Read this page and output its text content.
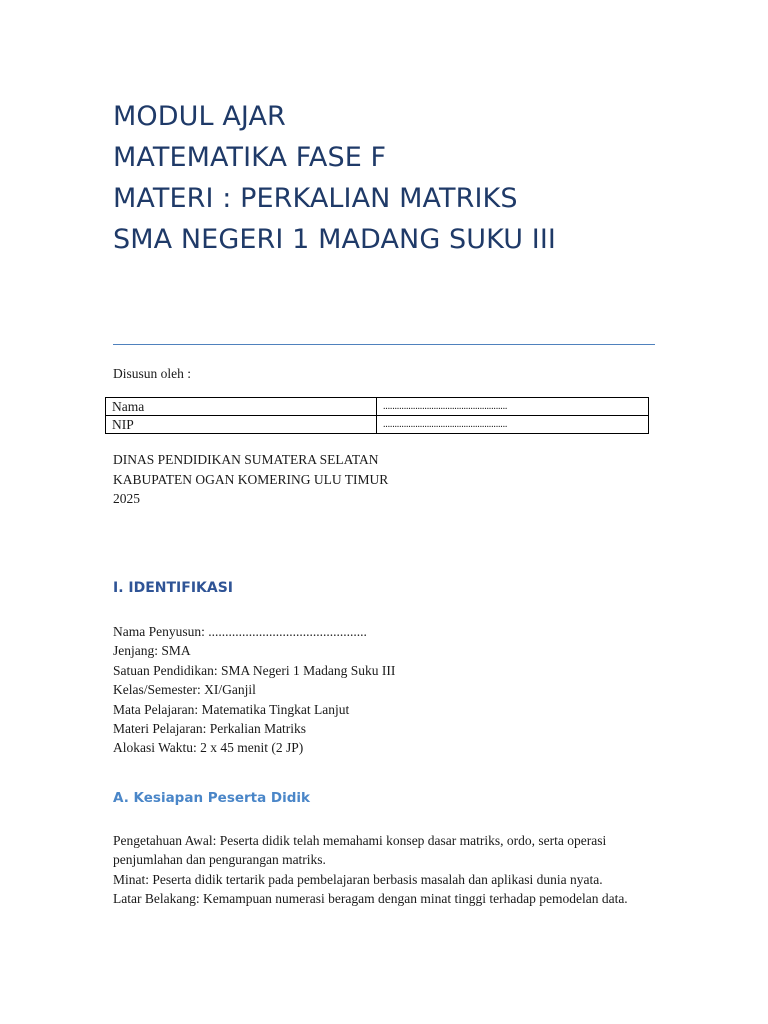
MODUL AJAR
MATEMATIKA FASE F
MATERI : PERKALIAN MATRIKS
SMA NEGERI 1 MADANG SUKU III
Disusun oleh :
Nama	......................................................
NIP	......................................................
DINAS PENDIDIKAN SUMATERA SELATAN
KABUPATEN OGAN KOMERING ULU TIMUR
2025
I. IDENTIFIKASI
Nama Penyusun: ...............................................
Jenjang: SMA
Satuan Pendidikan: SMA Negeri 1 Madang Suku III
Kelas/Semester: XI/Ganjil
Mata Pelajaran: Matematika Tingkat Lanjut
Materi Pelajaran: Perkalian Matriks
Alokasi Waktu: 2 x 45 menit (2 JP)
A. Kesiapan Peserta Didik

Pengetahuan Awal: Peserta didik telah memahami konsep dasar matriks, ordo, serta operasi penjumlahan dan pengurangan matriks.

Minat: Peserta didik tertarik pada pembelajaran berbasis masalah dan aplikasi dunia nyata.

Latar Belakang: Kemampuan numerasi beragam dengan minat tinggi terhadap pemodelan data.
